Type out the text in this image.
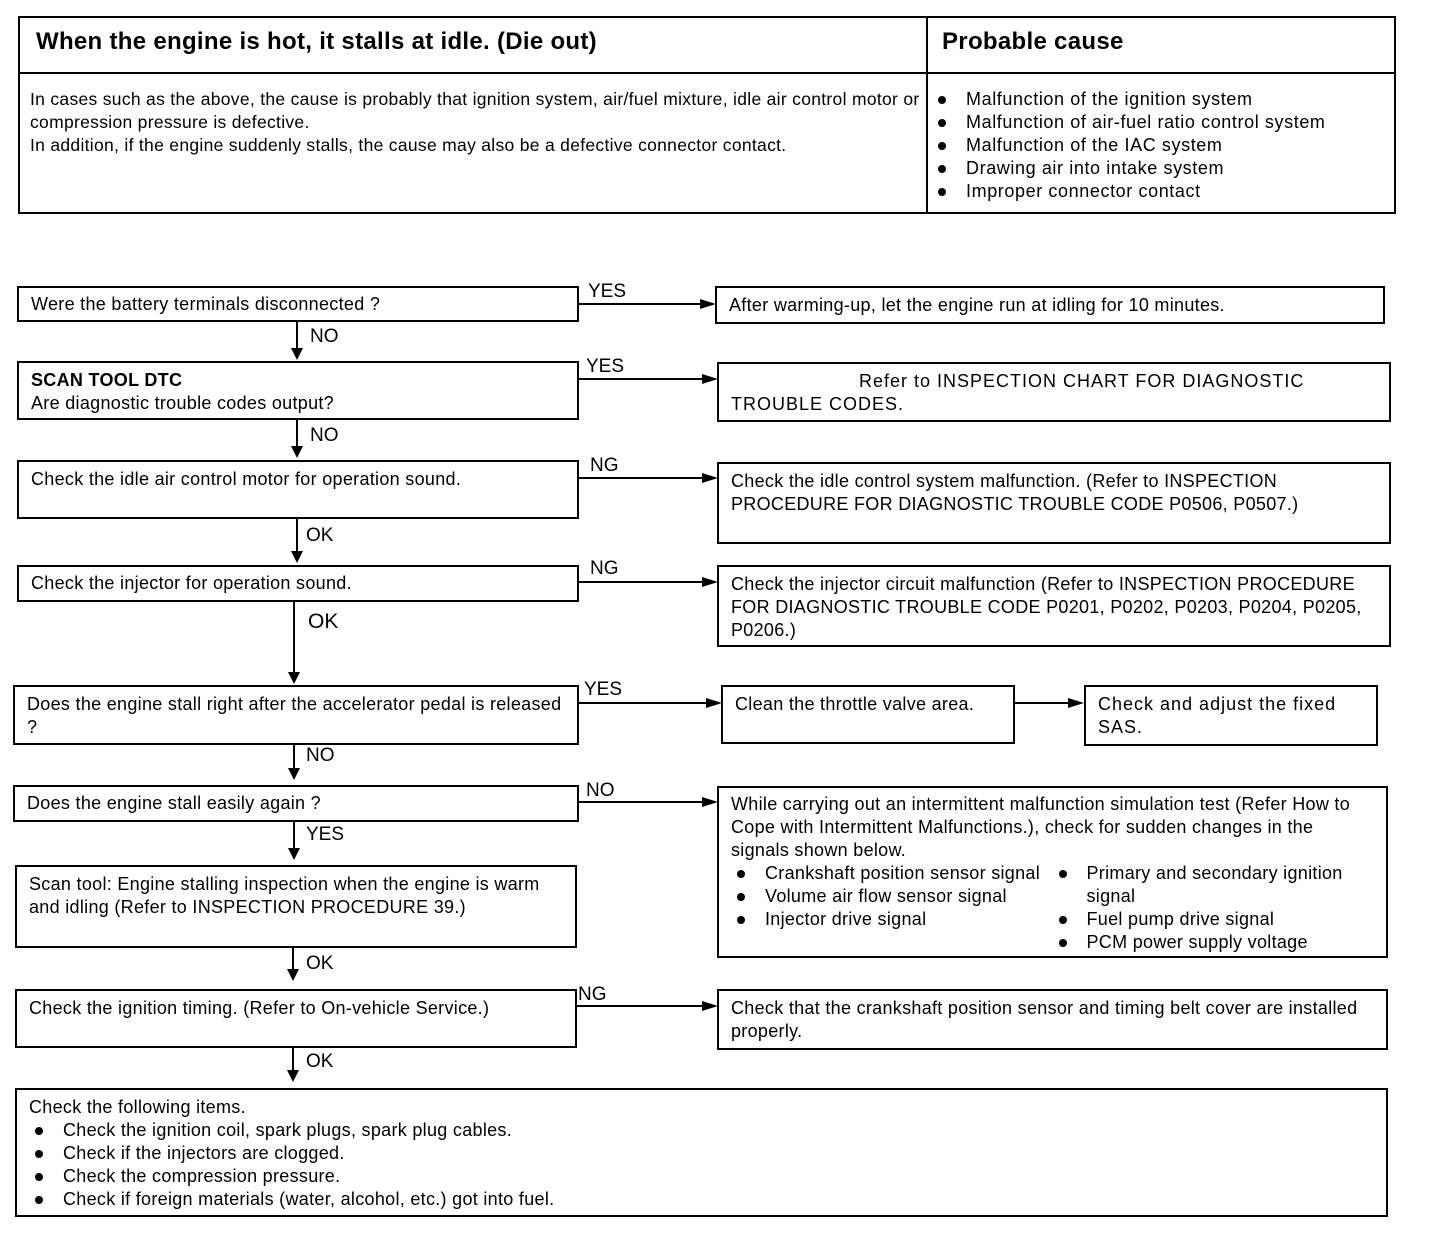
When the engine is hot, it stalls at idle. (Die out)	Probable cause
In cases such as the above, the cause is probably that ignition system, air/fuel mixture, idle air control motor or compression pressure is defective.
In addition, if the engine suddenly stalls, the cause may also be a defective connector contact.
Malfunction of the ignition system
Malfunction of air-fuel ratio control system
Malfunction of the IAC system
Drawing air into intake system
Improper connector contact
Were the battery terminals disconnected ?
YES
After warming-up, let the engine run at idling for 10 minutes.
NO
SCAN TOOL DTC
Are diagnostic trouble codes output?
YES
Refer to INSPECTION CHART FOR DIAGNOSTIC TROUBLE CODES.
NO
Check the idle air control motor for operation sound.
NG
Check the idle control system malfunction. (Refer to INSPECTION PROCEDURE FOR DIAGNOSTIC TROUBLE CODE P0506, P0507.)
OK
Check the injector for operation sound.
NG
Check the injector circuit malfunction (Refer to INSPECTION PROCEDURE FOR DIAGNOSTIC TROUBLE CODE P0201, P0202, P0203, P0204, P0205, P0206.)
OK
Does the engine stall right after the accelerator pedal is released ?
YES
Clean the throttle valve area.	Check and adjust the fixed SAS.
NO
Does the engine stall easily again ?
NO
While carrying out an intermittent malfunction simulation test (Refer How to Cope with Intermittent Malfunctions.), check for sudden changes in the signals shown below.
Crankshaft position sensor signal
Volume air flow sensor signal
Injector drive signal
Primary and secondary ignition signal
Fuel pump drive signal
PCM power supply voltage
YES
Scan tool: Engine stalling inspection when the engine is warm and idling (Refer to INSPECTION PROCEDURE 39.)
OK
Check the ignition timing. (Refer to On-vehicle Service.)
NG
Check that the crankshaft position sensor and timing belt cover are installed properly.
OK
Check the following items.
Check the ignition coil, spark plugs, spark plug cables.
Check if the injectors are clogged.
Check the compression pressure.
Check if foreign materials (water, alcohol, etc.) got into fuel.
